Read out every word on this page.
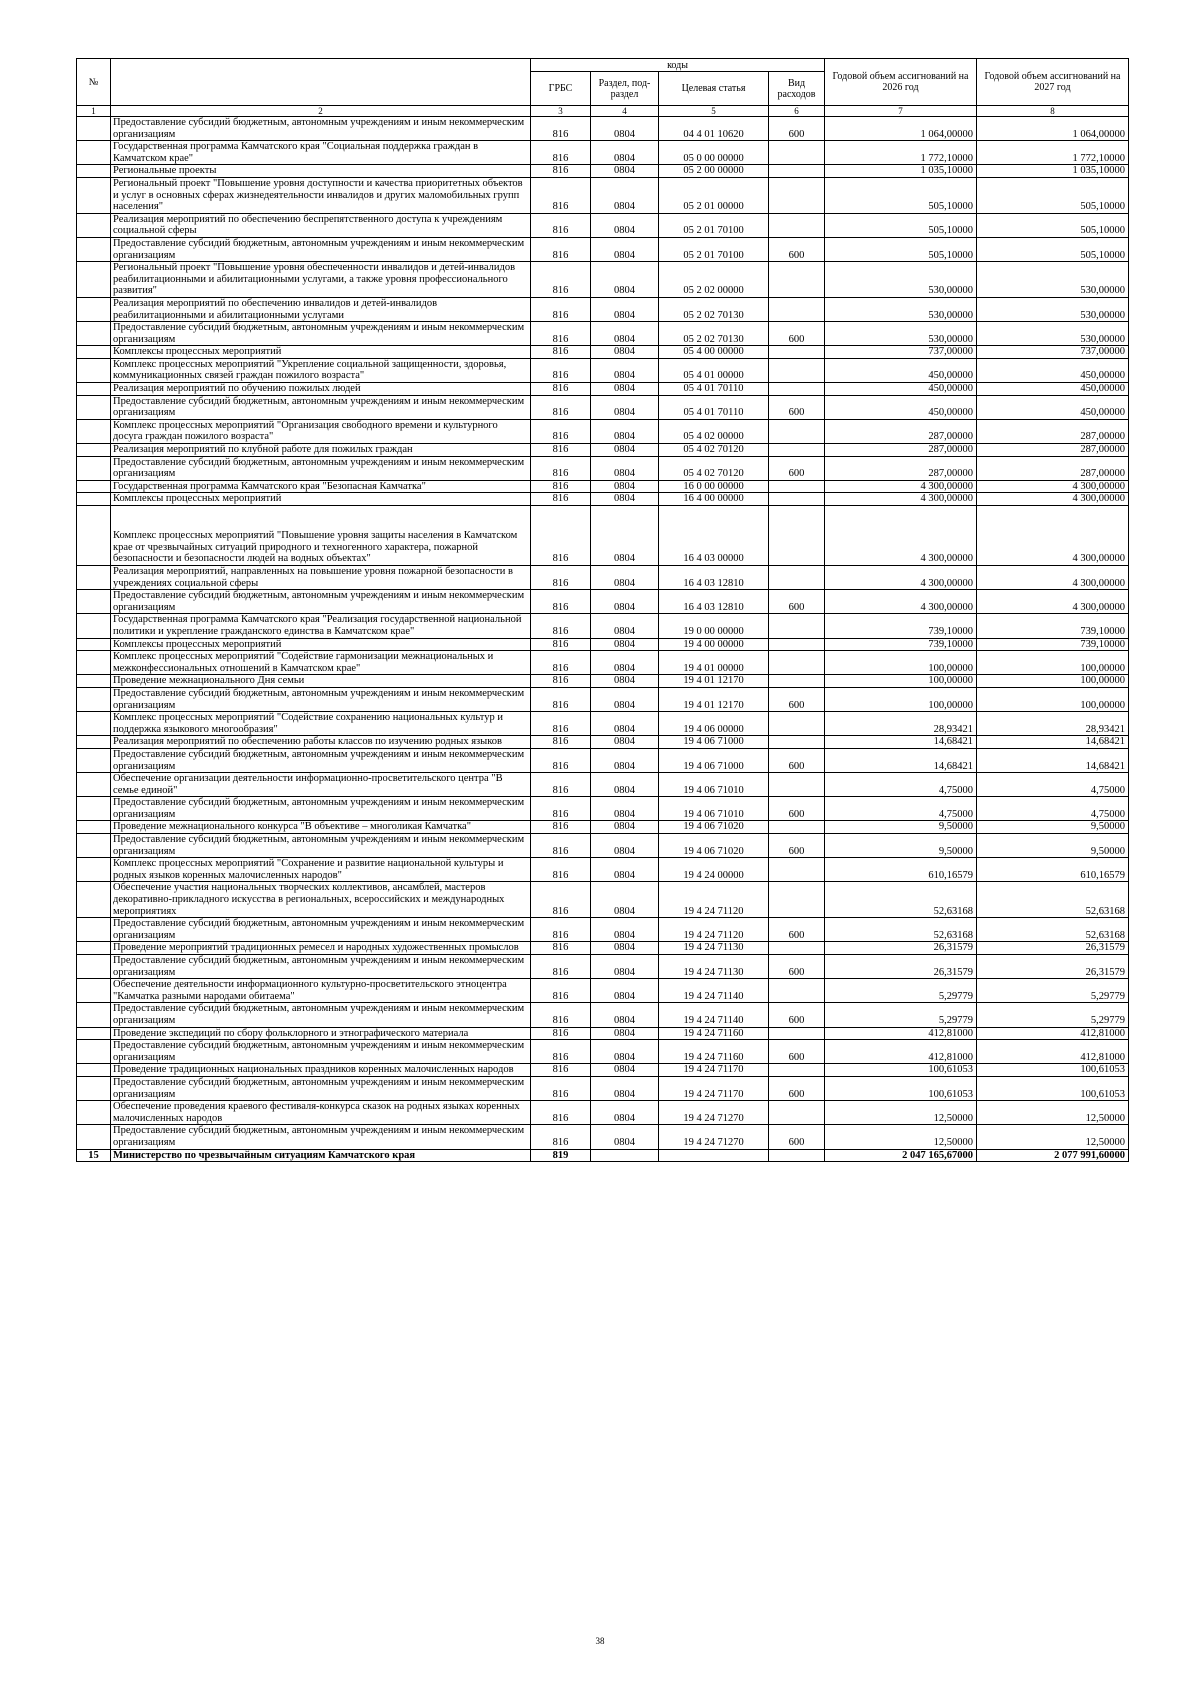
№		коды				Годовой объем ассигнований на 2026 год	Годовой объем ассигнований на 2027 год
		ГРБС	Раздел, под-раздел	Целевая статья	Вид расходов		
1	2	3	4	5	6	7	8
	Предоставление субсидий бюджетным, автономным учреждениям и иным некоммерческим организациям	816	0804	04 4 01 10620	600	1 064,00000	1 064,00000
	Государственная программа Камчатского края "Социальная поддержка граждан в Камчатском крае"	816	0804	05 0 00 00000		1 772,10000	1 772,10000
	Региональные проекты	816	0804	05 2 00 00000		1 035,10000	1 035,10000
	Региональный проект "Повышение уровня доступности и качества приоритетных объектов и услуг в основных сферах жизнедеятельности инвалидов и других маломобильных групп населения"	816	0804	05 2 01 00000		505,10000	505,10000
	Реализация мероприятий по обеспечению беспрепятственного доступа к учреждениям социальной сферы	816	0804	05 2 01 70100		505,10000	505,10000
	Предоставление субсидий бюджетным, автономным учреждениям и иным некоммерческим организациям	816	0804	05 2 01 70100	600	505,10000	505,10000
	Региональный проект "Повышение уровня обеспеченности инвалидов и детей-инвалидов реабилитационными и абилитационными услугами, а также уровня профессионального развития"	816	0804	05 2 02 00000		530,00000	530,00000
	Реализация мероприятий по обеспечению инвалидов и детей-инвалидов реабилитационными и абилитационными услугами	816	0804	05 2 02 70130		530,00000	530,00000
	Предоставление субсидий бюджетным, автономным учреждениям и иным некоммерческим организациям	816	0804	05 2 02 70130	600	530,00000	530,00000
	Комплексы процессных мероприятий	816	0804	05 4 00 00000		737,00000	737,00000
	Комплекс процессных мероприятий "Укрепление социальной защищенности, здоровья, коммуникационных связей граждан пожилого возраста"	816	0804	05 4 01 00000		450,00000	450,00000
	Реализация мероприятий по обучению пожилых людей	816	0804	05 4 01 70110		450,00000	450,00000
	Предоставление субсидий бюджетным, автономным учреждениям и иным некоммерческим организациям	816	0804	05 4 01 70110	600	450,00000	450,00000
	Комплекс процессных мероприятий "Организация свободного времени и культурного досуга граждан пожилого возраста"	816	0804	05 4 02 00000		287,00000	287,00000
	Реализация мероприятий по клубной работе для пожилых граждан	816	0804	05 4 02 70120		287,00000	287,00000
	Предоставление субсидий бюджетным, автономным учреждениям и иным некоммерческим организациям	816	0804	05 4 02 70120	600	287,00000	287,00000
	Государственная программа Камчатского края "Безопасная Камчатка"	816	0804	16 0 00 00000		4 300,00000	4 300,00000
	Комплексы процессных мероприятий	816	0804	16 4 00 00000		4 300,00000	4 300,00000
	Комплекс процессных мероприятий "Повышение уровня защиты населения в Камчатском крае от чрезвычайных ситуаций природного и техногенного характера, пожарной безопасности и безопасности людей на водных объектах"	816	0804	16 4 03 00000		4 300,00000	4 300,00000
	Реализация мероприятий, направленных на повышение уровня пожарной безопасности в учреждениях социальной сферы	816	0804	16 4 03 12810		4 300,00000	4 300,00000
	Предоставление субсидий бюджетным, автономным учреждениям и иным некоммерческим организациям	816	0804	16 4 03 12810	600	4 300,00000	4 300,00000
	Государственная программа Камчатского края "Реализация государственной национальной политики и укрепление гражданского единства в Камчатском крае"	816	0804	19 0 00 00000		739,10000	739,10000
	Комплексы процессных мероприятий	816	0804	19 4 00 00000		739,10000	739,10000
	Комплекс процессных мероприятий "Содействие гармонизации межнациональных и межконфессиональных отношений в Камчатском крае"	816	0804	19 4 01 00000		100,00000	100,00000
	Проведение межнационального Дня семьи	816	0804	19 4 01 12170		100,00000	100,00000
	Предоставление субсидий бюджетным, автономным учреждениям и иным некоммерческим организациям	816	0804	19 4 01 12170	600	100,00000	100,00000
	Комплекс процессных мероприятий "Содействие сохранению национальных культур и поддержка языкового многообразия"	816	0804	19 4 06 00000		28,93421	28,93421
	Реализация мероприятий по обеспечению работы классов по изучению родных языков	816	0804	19 4 06 71000		14,68421	14,68421
	Предоставление субсидий бюджетным, автономным учреждениям и иным некоммерческим организациям	816	0804	19 4 06 71000	600	14,68421	14,68421
	Обеспечение организации деятельности информационно-просветительского центра "В семье единой"	816	0804	19 4 06 71010		4,75000	4,75000
	Предоставление субсидий бюджетным, автономным учреждениям и иным некоммерческим организациям	816	0804	19 4 06 71010	600	4,75000	4,75000
	Проведение межнационального конкурса "В объективе – многоликая Камчатка"	816	0804	19 4 06 71020		9,50000	9,50000
	Предоставление субсидий бюджетным, автономным учреждениям и иным некоммерческим организациям	816	0804	19 4 06 71020	600	9,50000	9,50000
	Комплекс процессных мероприятий "Сохранение и развитие национальной культуры и родных языков коренных малочисленных народов"	816	0804	19 4 24 00000		610,16579	610,16579
	Обеспечение участия национальных творческих коллективов, ансамблей, мастеров декоративно-прикладного искусства в региональных, всероссийских и международных мероприятиях	816	0804	19 4 24 71120		52,63168	52,63168
	Предоставление субсидий бюджетным, автономным учреждениям и иным некоммерческим организациям	816	0804	19 4 24 71120	600	52,63168	52,63168
	Проведение мероприятий традиционных ремесел и народных художественных промыслов	816	0804	19 4 24 71130		26,31579	26,31579
	Предоставление субсидий бюджетным, автономным учреждениям и иным некоммерческим организациям	816	0804	19 4 24 71130	600	26,31579	26,31579
	Обеспечение деятельности информационного культурно-просветительского этноцентра "Камчатка разными народами обитаема"	816	0804	19 4 24 71140		5,29779	5,29779
	Предоставление субсидий бюджетным, автономным учреждениям и иным некоммерческим организациям	816	0804	19 4 24 71140	600	5,29779	5,29779
	Проведение экспедиций по сбору фольклорного и этнографического материала	816	0804	19 4 24 71160		412,81000	412,81000
	Предоставление субсидий бюджетным, автономным учреждениям и иным некоммерческим организациям	816	0804	19 4 24 71160	600	412,81000	412,81000
	Проведение традиционных национальных праздников коренных малочисленных народов	816	0804	19 4 24 71170		100,61053	100,61053
	Предоставление субсидий бюджетным, автономным учреждениям и иным некоммерческим организациям	816	0804	19 4 24 71170	600	100,61053	100,61053
	Обеспечение проведения краевого фестиваля-конкурса сказок на родных языках коренных малочисленных народов	816	0804	19 4 24 71270		12,50000	12,50000
	Предоставление субсидий бюджетным, автономным учреждениям и иным некоммерческим организациям	816	0804	19 4 24 71270	600	12,50000	12,50000
15	Министерство по чрезвычайным ситуациям Камчатского края	819				2 047 165,67000	2 077 991,60000
38
